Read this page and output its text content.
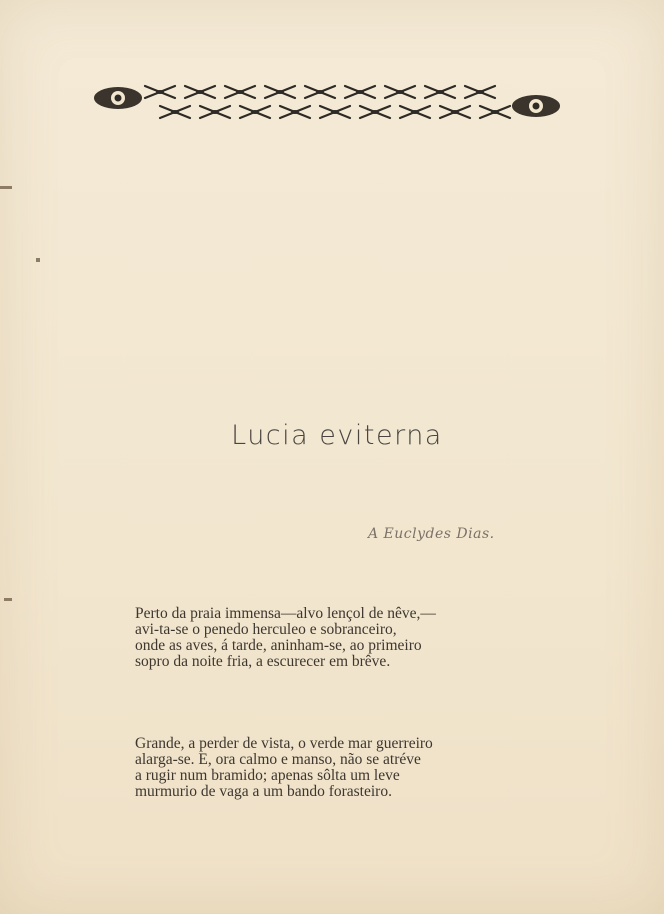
Lucia eviterna
A Euclydes Dias.
Perto da praia immensa—alvo lençol de nêve,—
avi-ta-se o penedo herculeo e sobranceiro,
onde as aves, á tarde, aninham-se, ao primeiro
sopro da noite fria, a escurecer em brêve.
Grande, a perder de vista, o verde mar guerreiro
alarga-se. E, ora calmo e manso, não se atréve
a rugir num bramido; apenas sôlta um leve
murmurio de vaga a um bando forasteiro.
